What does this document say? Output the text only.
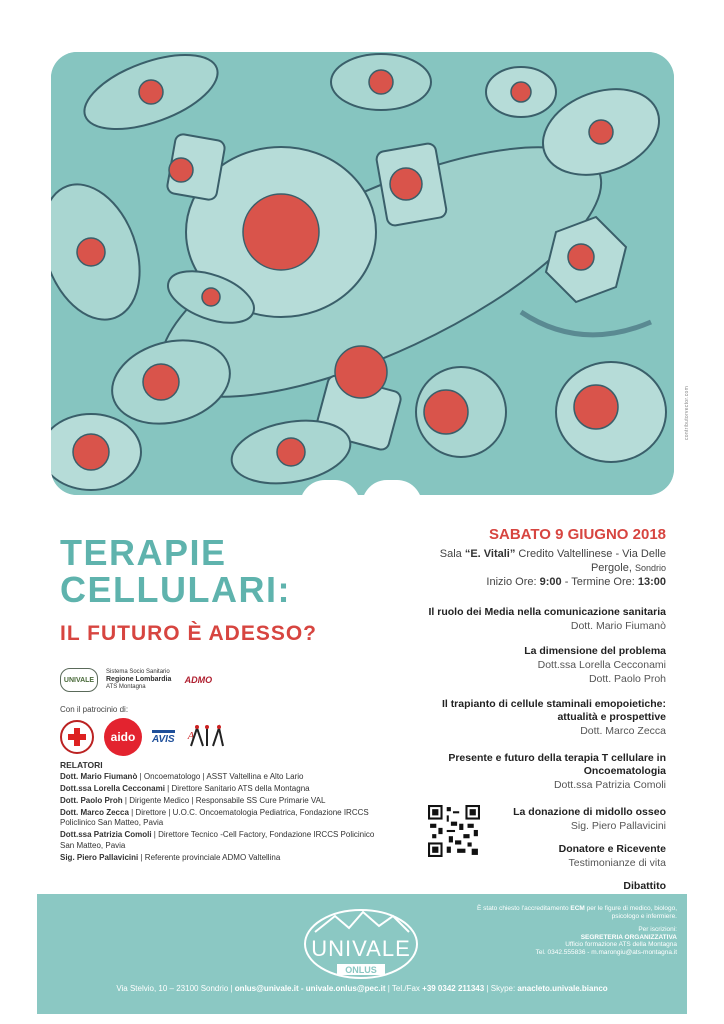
contributorvector.com
TERAPIE
CELLULARI:
IL FUTURO È ADESSO?
UNIVALE
Sistema Socio Sanitario
Regione Lombardia
ATS Montagna
ADMO
Con il patrocinio di:
aido	AVIS ᴬ
RELATORI
Dott. Mario Fiumanò | Oncoematologo | ASST Valtellina e Alto Lario
Dott.ssa Lorella Cecconami | Direttore Sanitario ATS della Montagna
Dott. Paolo Proh | Dirigente Medico | Responsabile SS Cure Primarie VAL
Dott. Marco Zecca | Direttore | U.O.C. Oncoematologia Pediatrica, Fondazione IRCCS Policlinico San Matteo, Pavia
Dott.ssa Patrizia Comoli | Direttore Tecnico -Cell Factory, Fondazione IRCCS Policinico San Matteo, Pavia
Sig. Piero Pallavicini | Referente provinciale ADMO Valtellina
SABATO 9 GIUGNO 2018
Sala “E. Vitali” Credito Valtellinese - Via Delle
Pergole, Sondrio
Inizio Ore: 9:00 - Termine Ore: 13:00
Il ruolo dei Media nella comunicazione sanitaria
Dott. Mario Fiumanò
La dimensione del problema
Dott.ssa Lorella Cecconami
Dott. Paolo Proh
Il trapianto di cellule staminali emopoietiche: attualità e prospettive
Dott. Marco Zecca
Presente e futuro della terapia T cellulare in Oncoematologia
Dott.ssa Patrizia Comoli
La donazione di midollo osseo
Sig. Piero Pallavicini
Donatore e Ricevente
Testimonianze di vita
Dibattito
UNIVALE
ONLUS
È stato chiesto l'accreditamento ECM per le figure di medico, biologo, psicologo e infermiere.
Per iscrizioni:
SEGRETERIA ORGANIZZATIVA
Ufficio formazione ATS della Montagna
Tel. 0342.555836 - m.marongiu@ats-montagna.it
Via Stelvio, 10 – 23100 Sondrio | onlus@univale.it - univale.onlus@pec.it | Tel./Fax +39 0342 211343 | Skype: anacleto.univale.bianco
